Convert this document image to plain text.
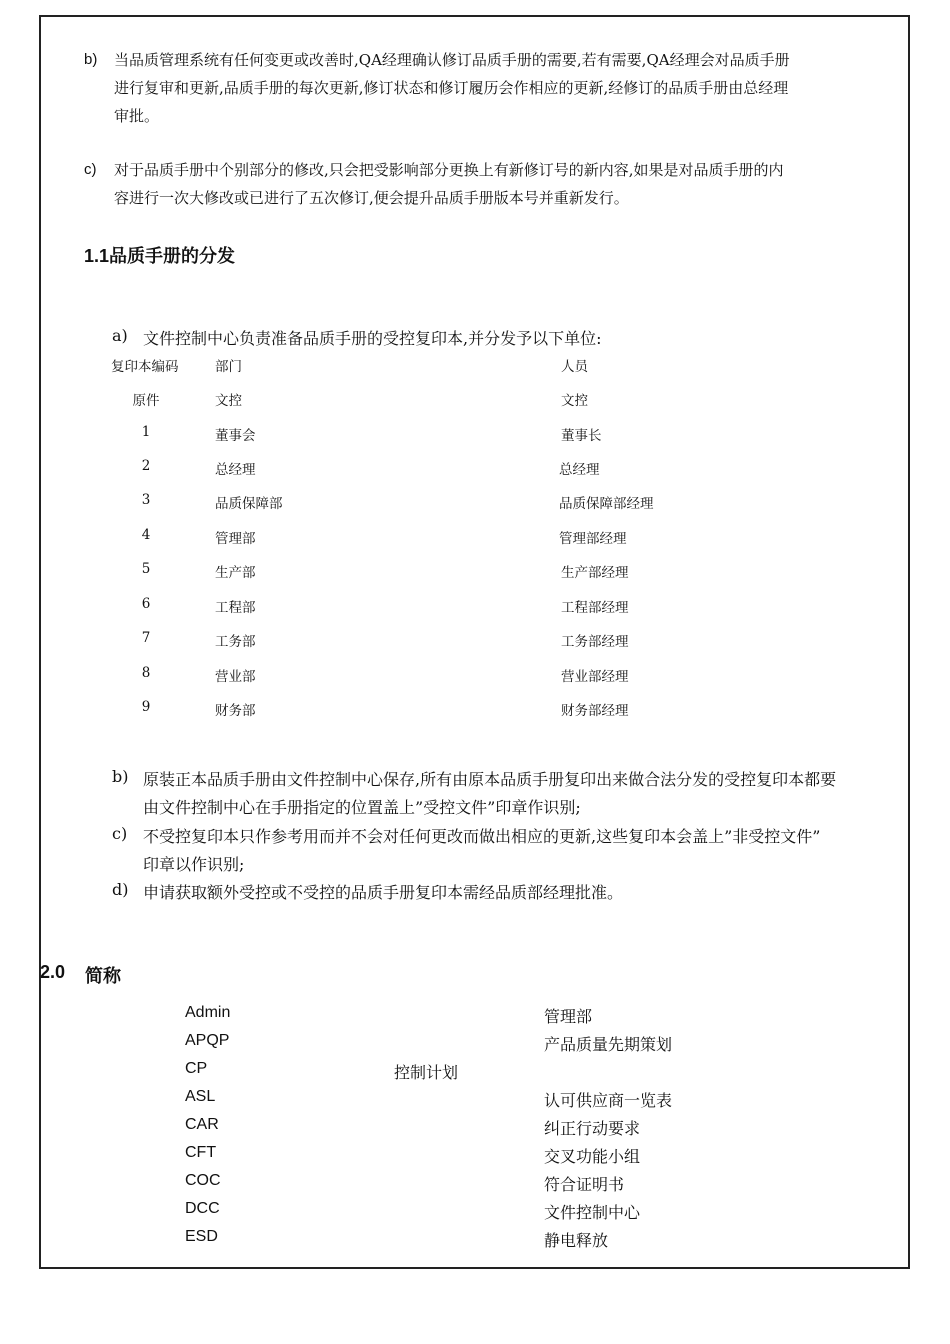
b) 当品质管理系统有任何变更或改善时,QA经理确认修订品质手册的需要,若有需要,QA经理会对品质手册
进行复审和更新,品质手册的每次更新,修订状态和修订履历会作相应的更新,经修订的品质手册由总经理
审批。
c) 对于品质手册中个别部分的修改,只会把受影响部分更换上有新修订号的新内容,如果是对品质手册的内
容进行一次大修改或已进行了五次修订,便会提升品质手册版本号并重新发行。
1.1品质手册的分发
a) 文件控制中心负责准备品质手册的受控复印本,并分发予以下单位:
复印本编码	部门	人员
原件	文控	文控
1	董事会	董事长
2	总经理	总经理
3	品质保障部	品质保障部经理
4	管理部	管理部经理
5	生产部	生产部经理
6	工程部	工程部经理
7	工务部	工务部经理
8	营业部	营业部经理
9	财务部	财务部经理
b) 原装正本品质手册由文件控制中心保存,所有由原本品质手册复印出来做合法分发的受控复印本都要
由文件控制中心在手册指定的位置盖上”受控文件”印章作识别;
c) 不受控复印本只作参考用而并不会对任何更改而做出相应的更新,这些复印本会盖上”非受控文件”
印章以作识别;
d) 申请获取额外受控或不受控的品质手册复印本需经品质部经理批准。
2.0 简称
Admin	管理部
APQP	产品质量先期策划
CP	控制计划
ASL	认可供应商一览表
CAR	纠正行动要求
CFT	交叉功能小组
COC	符合证明书
DCC	文件控制中心
ESD	静电释放
